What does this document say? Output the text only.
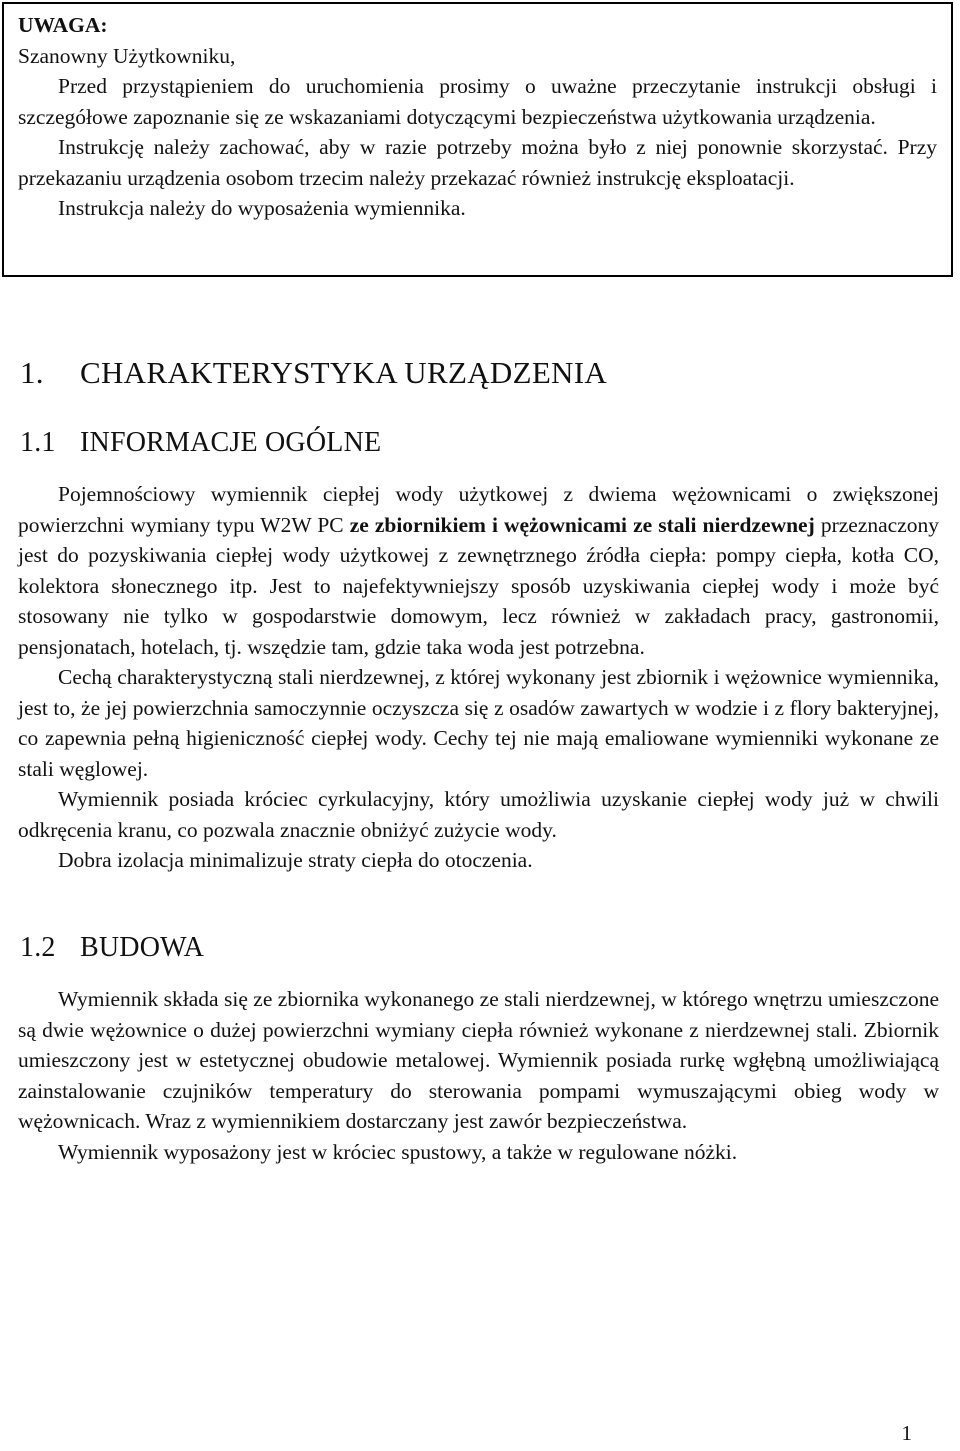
UWAGA:

Szanowny Użytkowniku,

Przed przystąpieniem do uruchomienia prosimy o uważne przeczytanie instrukcji obsługi i szczegółowe zapoznanie się ze wskazaniami dotyczącymi bezpieczeństwa użytkowania urządzenia.

Instrukcję należy zachować, aby w razie potrzeby można było z niej ponownie skorzystać. Przy przekazaniu urządzenia osobom trzecim należy przekazać również instrukcję eksploatacji.

Instrukcja należy do wyposażenia wymiennika.

1. CHARAKTERYSTYKA URZĄDZENIA
1.1 INFORMACJE OGÓLNE

Pojemnościowy wymiennik ciepłej wody użytkowej z dwiema wężownicami o zwiększonej powierzchni wymiany typu W2W PC ze zbiornikiem i wężownicami ze stali nierdzewnej przeznaczony jest do pozyskiwania ciepłej wody użytkowej z zewnętrznego źródła ciepła: pompy ciepła, kotła CO, kolektora słonecznego itp. Jest to najefektywniejszy sposób uzyskiwania ciepłej wody i może być stosowany nie tylko w gospodarstwie domowym, lecz również w zakładach pracy, gastronomii, pensjonatach, hotelach, tj. wszędzie tam, gdzie taka woda jest potrzebna.

Cechą charakterystyczną stali nierdzewnej, z której wykonany jest zbiornik i wężownice wymiennika, jest to, że jej powierzchnia samoczynnie oczyszcza się z osadów zawartych w wodzie i z flory bakteryjnej, co zapewnia pełną higieniczność ciepłej wody. Cechy tej nie mają emaliowane wymienniki wykonane ze stali węglowej.

Wymiennik posiada króciec cyrkulacyjny, który umożliwia uzyskanie ciepłej wody już w chwili odkręcenia kranu, co pozwala znacznie obniżyć zużycie wody.

Dobra izolacja minimalizuje straty ciepła do otoczenia.

1.2 BUDOWA

Wymiennik składa się ze zbiornika wykonanego ze stali nierdzewnej, w którego wnętrzu umieszczone są dwie wężownice o dużej powierzchni wymiany ciepła również wykonane z nierdzewnej stali. Zbiornik umieszczony jest w estetycznej obudowie metalowej. Wymiennik posiada rurkę wgłębną umożliwiającą zainstalowanie czujników temperatury do sterowania pompami wymuszającymi obieg wody w wężownicach. Wraz z wymiennikiem dostarczany jest zawór bezpieczeństwa.

Wymiennik wyposażony jest w króciec spustowy, a także w regulowane nóżki.

1
